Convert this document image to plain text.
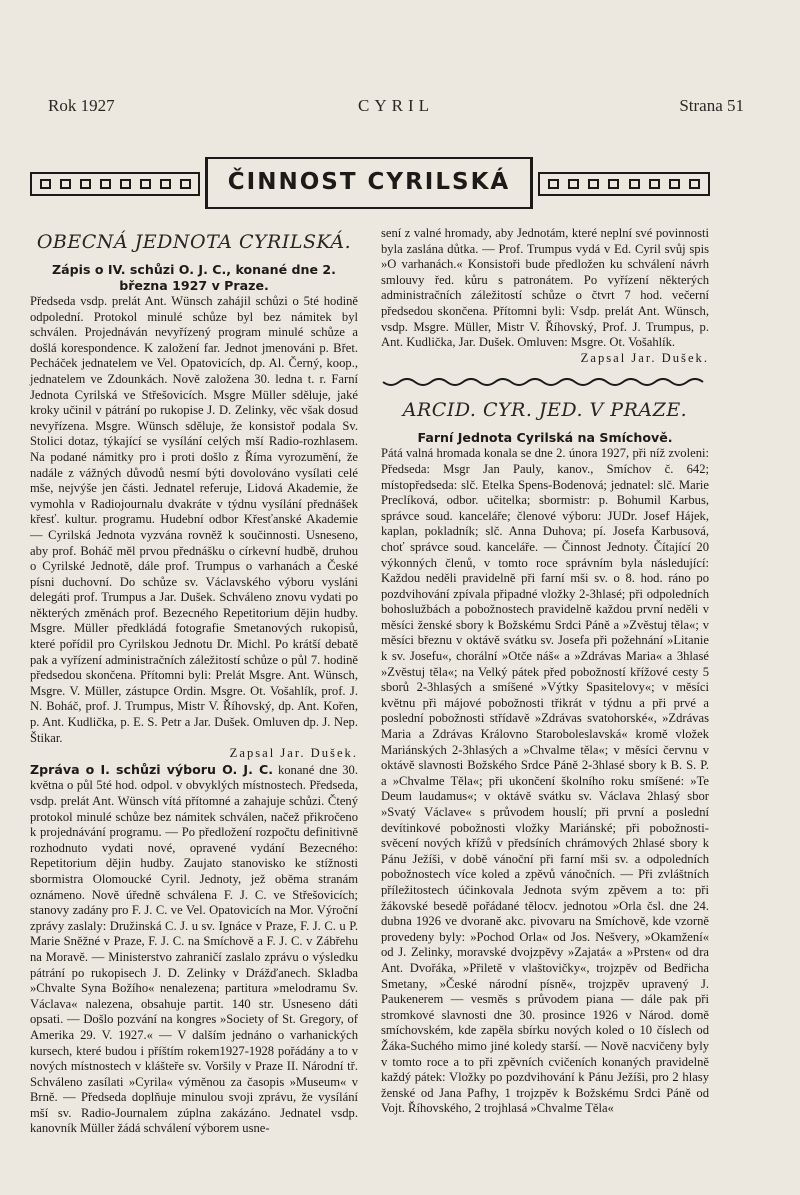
Rok 1927	CYRIL	Strana 51
ČINNOST CYRILSKÁ
OBECNÁ JEDNOTA CYRILSKÁ.

Zápis o IV. schůzi O. J. C., konané dne 2. března 1927 v Praze.

Předseda vsdp. prelát Ant. Wünsch zahájil schůzi o 5té hodině odpolední. Protokol minulé schůze byl bez námitek byl schválen. Projednáván nevyřízený program minulé schůze a došlá korespondence. K založení far. Jednot jmenováni p. Břet. Pecháček jednatelem ve Vel. Opatovicích, dp. Al. Černý, koop., jednatelem ve Zdounkách. Nově založena 30. ledna t. r. Farní Jednota Cyrilská ve Střešovicích. Msgre Müller sděluje, jaké kroky učinil v pátrání po rukopise J. D. Zelinky, věc však dosud nevyřízena. Msgre. Wünsch sděluje, že konsistoř podala Sv. Stolici dotaz, týkající se vysílání celých mší Radio-rozhlasem. Na podané námitky pro i proti došlo z Říma vyrozumění, že nadále z vážných důvodů nesmí býti dovolováno vysílati celé mše, nejvýše jen části. Jednatel referuje, Lidová Akademie, že vymohla v Radiojournalu dvakráte v týdnu vysílání přednášek křesť. kultur. programu. Hudební odbor Křesťanské Akademie — Cyrilská Jednota vyzvána rovněž k součinnosti. Usneseno, aby prof. Boháč měl prvou přednášku o církevní hudbě, druhou o Cyrilské Jednotě, dále prof. Trumpus o varhanách a České písni duchovní. Do schůze sv. Václavského výboru vysláni delegáti prof. Trumpus a Jar. Dušek. Schváleno znovu vydati po některých změnách prof. Bezecného Repetitorium dějin hudby. Msgre. Müller předkládá fotografie Smetanových rukopisů, které pořídil pro Cyrilskou Jednotu Dr. Michl. Po krátší debatě pak a vyřízení administračních záležitostí schůze o půl 7. hodině předsedou skončena. Přítomni byli: Prelát Msgre. Ant. Wünsch, Msgre. V. Müller, zástupce Ordin. Msgre. Ot. Vošahlík, prof. J. N. Boháč, prof. J. Trumpus, Mistr V. Říhovský, dp. Ant. Kořen, p. Ant. Kudlička, p. E. S. Petr a Jar. Dušek. Omluven dp. J. Nep. Štikar.

Zapsal Jar. Dušek.

Zpráva o I. schůzi výboru O. J. C. konané dne 30. května o půl 5té hod. odpol. v obvyklých místnostech. Předseda, vsdp. prelát Ant. Wünsch vítá přítomné a zahajuje schůzi. Čtený protokol minulé schůze bez námitek schválen, načež přikročeno k projednávání programu. — Po předložení rozpočtu definitivně rozhodnuto vydati nové, opravené vydání Bezecného: Repetitorium dějin hudby. Zaujato stanovisko ke stížnosti sbormistra Olomoucké Cyril. Jednoty, jež oběma stranám oznámeno. Nově úředně schválena F. J. C. ve Střešovicích; stanovy zadány pro F. J. C. ve Vel. Opatovicích na Mor. Výroční zprávy zaslaly: Družinská C. J. u sv. Ignáce v Praze, F. J. C. u P. Marie Sněžné v Praze, F. J. C. na Smíchově a F. J. C. v Zábřehu na Moravě. — Ministerstvo zahraničí zaslalo zprávu o výsledku pátrání po rukopisech J. D. Zelinky v Drážďanech. Skladba »Chvalte Syna Božího« nenalezena; partitura »melodramu Sv. Václava« nalezena, obsahuje partit. 140 str. Usneseno dáti opsati. — Došlo pozvání na kongres »Society of St. Gregory, of Amerika 29. V. 1927.« — V dalším jednáno o varhanických kursech, které budou i příštím rokem1927-1928 pořádány a to v nových místnostech v klášteře sv. Voršily v Praze II. Národní tř. Schváleno zasílati »Cyrila« výměnou za časopis »Museum« v Brně. — Předseda doplňuje minulou svoji zprávu, že vysílání mší sv. Radio-Journalem zúplna zakázáno. Jednatel vsdp. kanovník Müller žádá schválení výborem usne-

sení z valné hromady, aby Jednotám, které neplní své povinnosti byla zaslána důtka. — Prof. Trumpus vydá v Ed. Cyril svůj spis »O varhanách.« Konsistoři bude předložen ku schválení návrh smlouvy řed. kůru s patronátem. Po vyřízení některých administračních záležitostí schůze o čtvrt 7 hod. večerní předsedou skončena. Přítomni byli: Vsdp. prelát Ant. Wünsch, vsdp. Msgre. Müller, Mistr V. Říhovský, Prof. J. Trumpus, p. Ant. Kudlička, Jar. Dušek. Omluven: Msgre. Ot. Vošahlík.

Zapsal Jar. Dušek.

ARCID. CYR. JED. V PRAZE.

Farní Jednota Cyrilská na Smíchově.

Pátá valná hromada konala se dne 2. února 1927, při níž zvoleni: Předseda: Msgr Jan Pauly, kanov., Smíchov č. 642; místopředseda: slč. Etelka Spens-Bodenová; jednatel: slč. Marie Preclíková, odbor. učitelka; sbormistr: p. Bohumil Karbus, správce soud. kanceláře; členové výboru: JUDr. Josef Hájek, kaplan, pokladník; slč. Anna Duhova; pí. Josefa Karbusová, choť správce soud. kanceláře. — Činnost Jednoty. Čítající 20 výkonných členů, v tomto roce správním byla následující: Každou neděli pravidelně při farní mši sv. o 8. hod. ráno po pozdvihování zpívala připadné vložky 2-3hlasé; při odpoledních bohoslužbách a pobožnostech pravidelně každou první neděli v měsíci ženské sbory k Božskému Srdci Páně a »Zvěstuj těla«; v měsíci březnu v oktávě svátku sv. Josefa při požehnání »Litanie k sv. Josefu«, chorální »Otče náš« a »Zdrávas Maria« a 3hlasé »Zvěstuj těla«; na Velký pátek před pobožností křížové cesty 5 sborů 2-3hlasých a smíšené »Výtky Spasitelovy«; v měsíci květnu při májové pobožnosti třikrát v týdnu a při prvé a poslední pobožnosti střídavě »Zdrávas svatohorské«, »Zdrávas Maria a Zdrávas Královno Staroboleslavská« kromě vložek Mariánských 2-3hlasých a »Chvalme těla«; v měsíci červnu v oktávě slavnosti Božského Srdce Páně 2-3hlasé sbory k B. S. P. a »Chvalme Těla«; při ukončení školního roku smíšené: »Te Deum laudamus«; v oktávě svátku sv. Václava 2hlasý sbor »Svatý Václave« s průvodem houslí; při první a poslední devítinkové pobožnosti vložky Mariánské; při pobožnosti-svěcení nových křížů v předsíních chrámových 2hlasé sbory k Pánu Ježíši, v době vánoční při farní mši sv. a odpoledních pobožnostech více koled a zpěvů vánočních. — Při zvláštních příležitostech účinkovala Jednota svým zpěvem a to: při žákovské besedě pořádané tělocv. jednotou »Orla čsl. dne 24. dubna 1926 ve dvoraně akc. pivovaru na Smíchově, kde vzorně provedeny byly: »Pochod Orla« od Jos. Nešvery, »Okamžení« od J. Zelinky, moravské dvojzpěvy »Zajatá« a »Prsten« od dra Ant. Dvořáka, »Přiletě v vlaštovičky«, trojzpěv od Bedřicha Smetany, »České národní písně«, trojzpěv upravený J. Paukenerem — vesměs s průvodem piana — dále pak při stromkové slavnosti dne 30. prosince 1926 v Národ. domě smíchovském, kde zapěla sbírku nových koled o 10 číslech od Žáka-Suchého mimo jiné koledy starší. — Nově nacvičeny byly v tomto roce a to při zpěvních cvičeních konaných pravidelně každý pátek: Vložky po pozdvihování k Pánu Ježíši, pro 2 hlasy ženské od Jana Pafhy, 1 trojzpěv k Božskému Srdci Páně od Vojt. Říhovského, 2 trojhlasá »Chvalme Těla«
